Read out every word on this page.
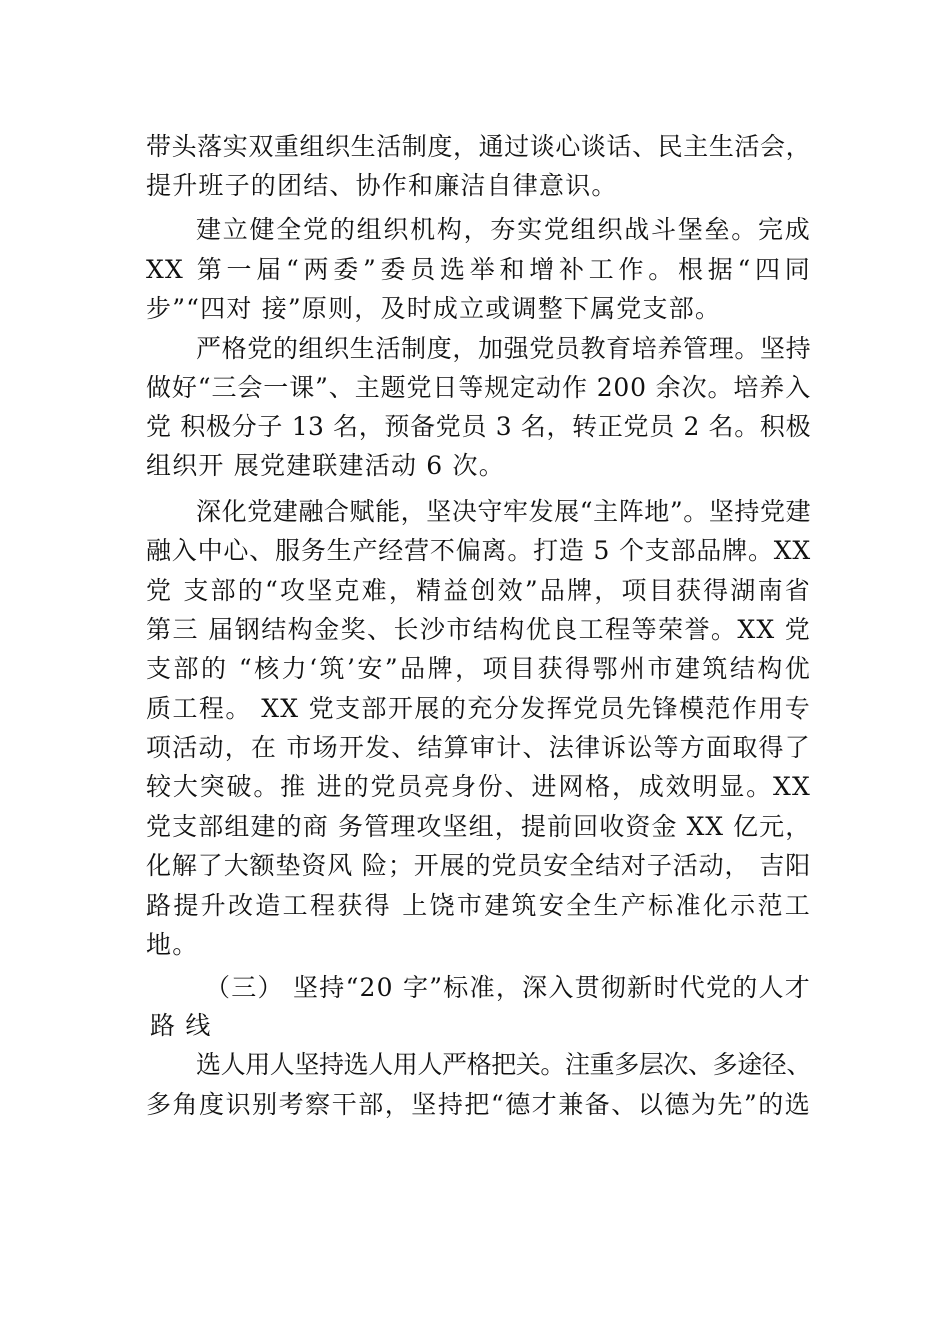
带头落实双重组织生活制度，通过谈心谈话、民主生活会，
提升班子的团结、协作和廉洁自律意识。
建立健全党的组织机构，夯实党组织战斗堡垒。完成
XX 第一届“两委”委员选举和增补工作。根据“四同
步”“四对 接”原则，及时成立或调整下属党支部。
严格党的组织生活制度，加强党员教育培养管理。坚持
做好“三会一课”、主题党日等规定动作 200 余次。培养入
党 积极分子 13 名，预备党员 3 名，转正党员 2 名。积极
组织开 展党建联建活动 6 次。
深化党建融合赋能，坚决守牢发展“主阵地”。坚持党建
融入中心、服务生产经营不偏离。打造 5 个支部品牌。XX
党 支部的“攻坚克难，精益创效”品牌，项目获得湖南省
第三 届钢结构金奖、长沙市结构优良工程等荣誉。XX 党
支部的 “核力‘筑’安”品牌，项目获得鄂州市建筑结构优
质工程。 XX 党支部开展的充分发挥党员先锋模范作用专
项活动，在 市场开发、结算审计、法律诉讼等方面取得了
较大突破。推 进的党员亮身份、进网格，成效明显。XX
党支部组建的商 务管理攻坚组，提前回收资金 XX 亿元，
化解了大额垫资风 险；开展的党员安全结对子活动， 吉阳
路提升改造工程获得 上饶市建筑安全生产标准化示范工
地。
（三） 坚持“20 字”标准，深入贯彻新时代党的人才
路 线
选人用人坚持选人用人严格把关。注重多层次、多途径、
多角度识别考察干部，坚持把“德才兼备、以德为先”的选
